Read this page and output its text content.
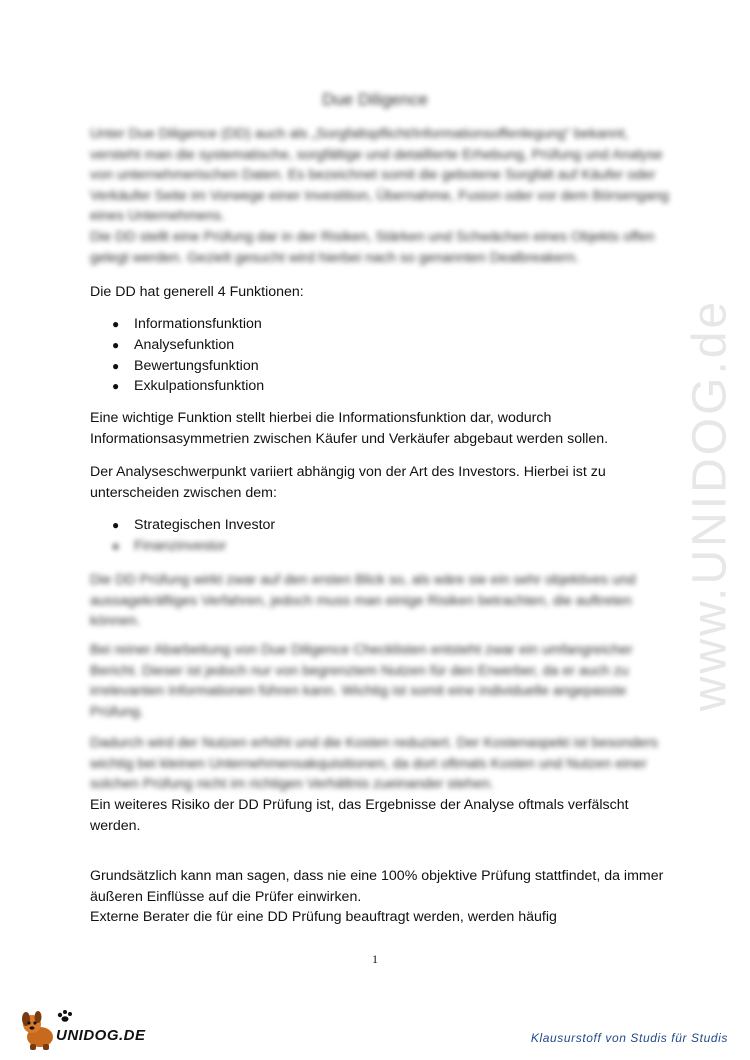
www.UNIDOG.de
Due Diligence

Unter Due Diligence (DD) auch als „Sorgfaltspflicht/Informationsoffenlegung“ bekannt, versteht man die systematische, sorgfältige und detaillierte Erhebung, Prüfung und Analyse von unternehmerischen Daten. Es bezeichnet somit die gebotene Sorgfalt auf Käufer oder Verkäufer Seite im Vorwege einer Investition, Übernahme, Fusion oder vor dem Börsengang eines Unternehmens.
Die DD stellt eine Prüfung dar in der Risiken, Stärken und Schwächen eines Objekts offen gelegt werden. Gezielt gesucht wird hierbei nach so genannten Dealbreakern.

Die DD hat generell 4 Funktionen:

● Informationsfunktion
● Analysefunktion
● Bewertungsfunktion
● Exkulpationsfunktion

Eine wichtige Funktion stellt hierbei die Informationsfunktion dar, wodurch Informationsasymmetrien zwischen Käufer und Verkäufer abgebaut werden sollen.

Der Analyseschwerpunkt variiert abhängig von der Art des Investors. Hierbei ist zu unterscheiden zwischen dem:

● Strategischen Investor
● Finanzinvestor

Die DD Prüfung wirkt zwar auf den ersten Blick so, als wäre sie ein sehr objektives und aussagekräftiges Verfahren, jedoch muss man einige Risiken betrachten, die auftreten können.

Bei reiner Abarbeitung von Due Diligence Checklisten entsteht zwar ein umfangreicher Bericht. Dieser ist jedoch nur von begrenztem Nutzen für den Erwerber, da er auch zu irrelevanten Informationen führen kann. Wichtig ist somit eine individuelle angepasste Prüfung.

Dadurch wird der Nutzen erhöht und die Kosten reduziert. Der Kostenaspekt ist besonders wichtig bei kleinen Unternehmensakquisitionen, da dort oftmals Kosten und Nutzen einer solchen Prüfung nicht im richtigen Verhältnis zueinander stehen.

Ein weiteres Risiko der DD Prüfung ist, das Ergebnisse der Analyse oftmals verfälscht werden.

Grundsätzlich kann man sagen, dass nie eine 100% objektive Prüfung stattfindet, da immer äußeren Einflüsse auf die Prüfer einwirken.
Externe Berater die für eine DD Prüfung beauftragt werden, werden häufig

1
UNIDOG.DE	Klausurstoff von Studis für Studis
